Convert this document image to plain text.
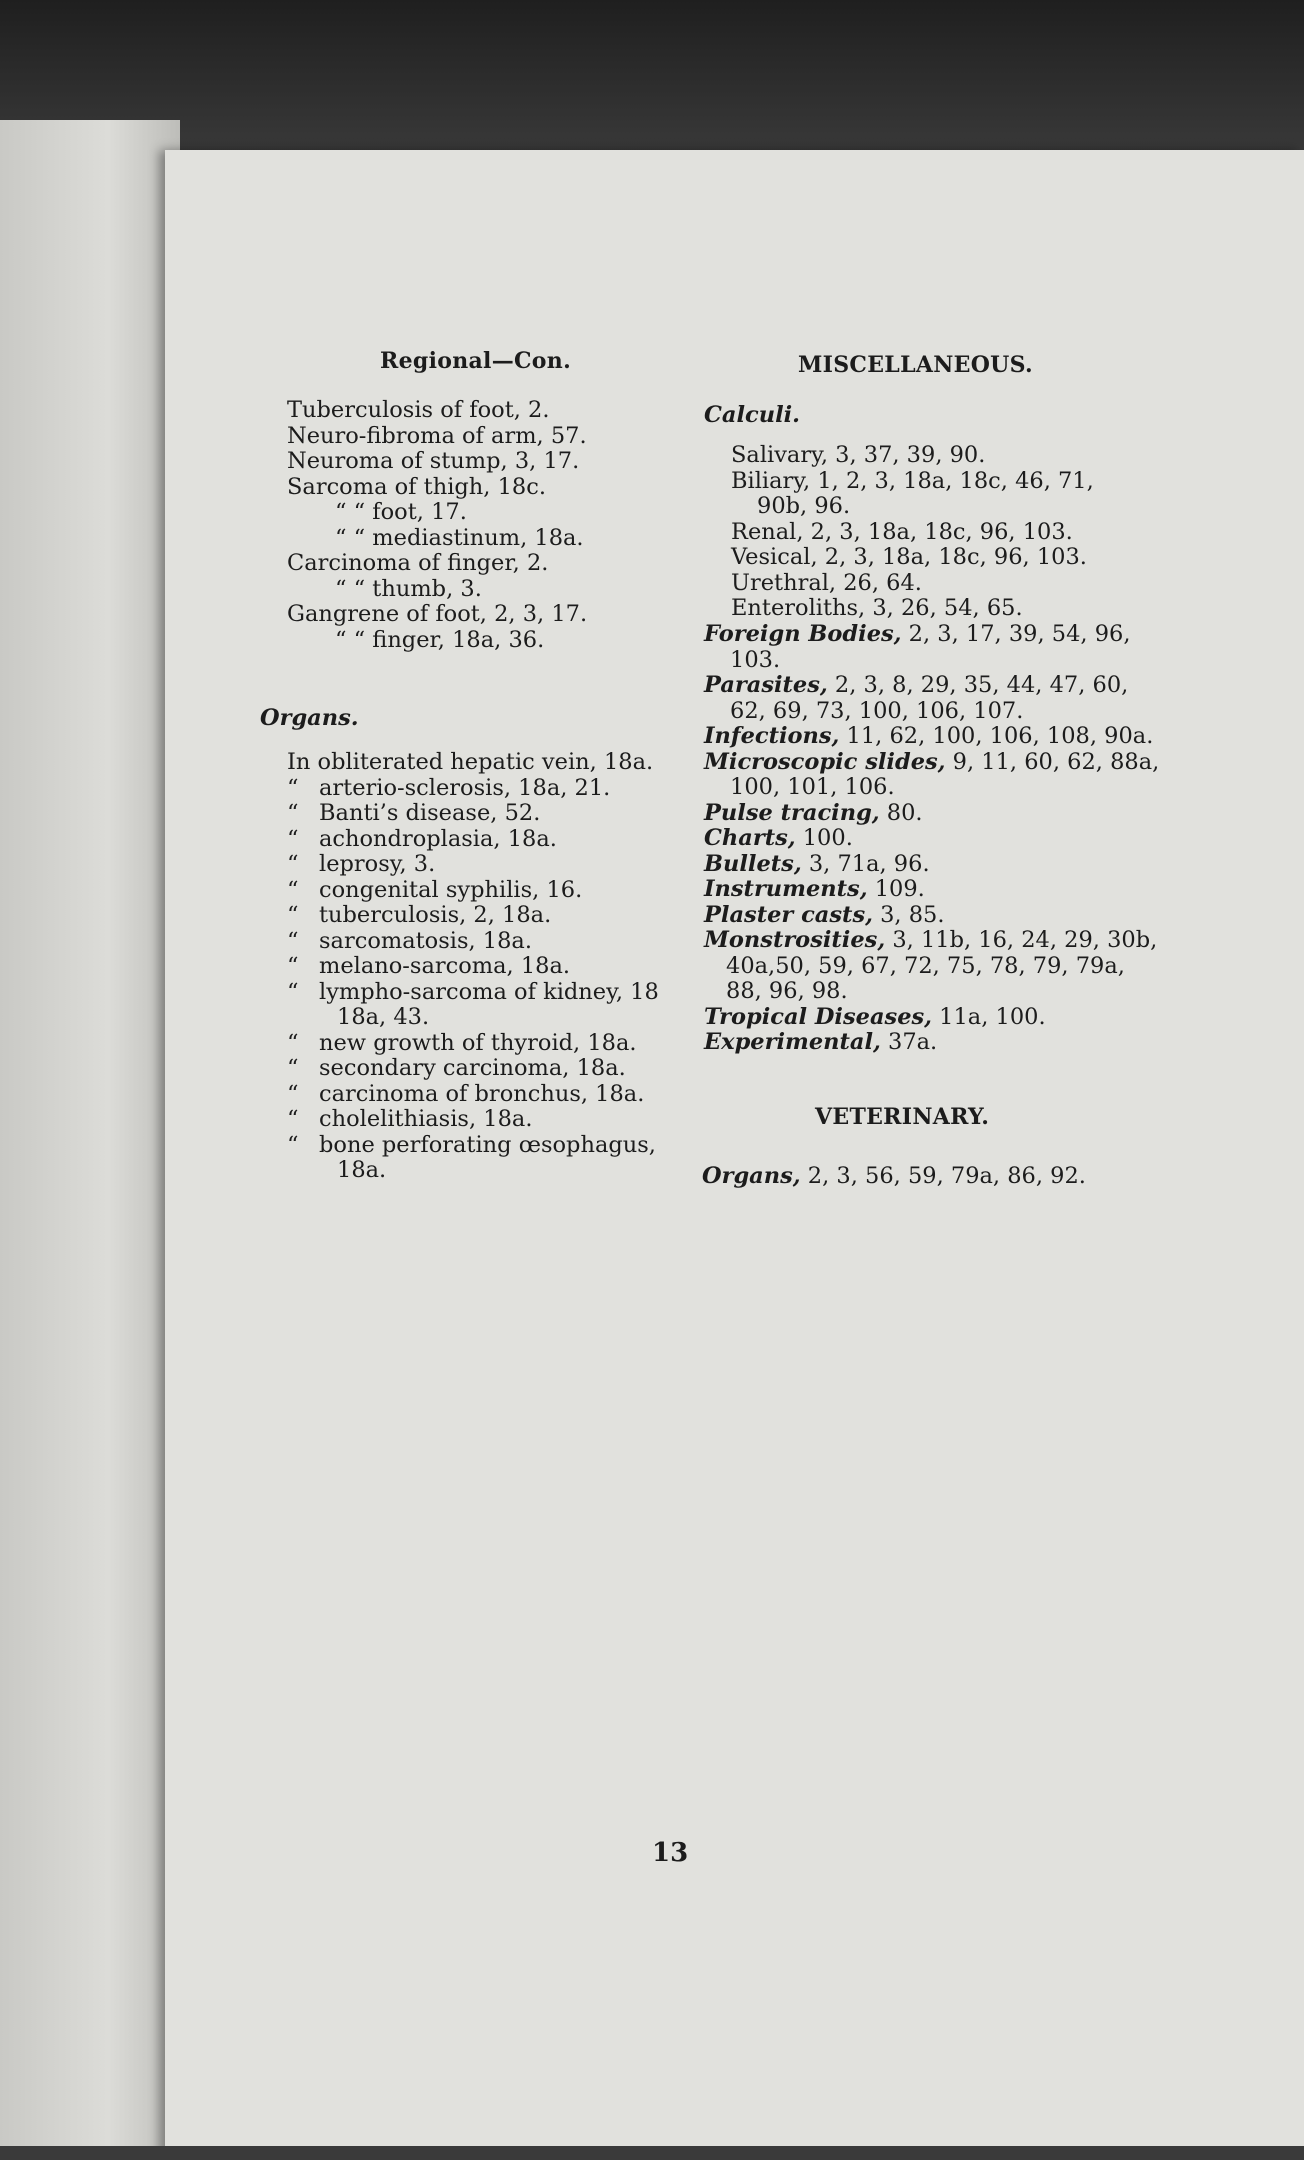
Regional—Con.
Tuberculosis of foot, 2.
Neuro-fibroma of arm, 57.
Neuroma of stump, 3, 17.
Sarcoma of thigh, 18c.
“ “ foot, 17.
“ “ mediastinum, 18a.
Carcinoma of finger, 2.
“ “ thumb, 3.
Gangrene of foot, 2, 3, 17.
“ “ finger, 18a, 36.
Organs.
In obliterated hepatic vein, 18a.
“ arterio-sclerosis, 18a, 21.
“ Banti’s disease, 52.
“ achondroplasia, 18a.
“ leprosy, 3.
“ congenital syphilis, 16.
“ tuberculosis, 2, 18a.
“ sarcomatosis, 18a.
“ melano-sarcoma, 18a.
“ lympho-sarcoma of kidney, 18
18a, 43.
“ new growth of thyroid, 18a.
“ secondary carcinoma, 18a.
“ carcinoma of bronchus, 18a.
“ cholelithiasis, 18a.
“ bone perforating œsophagus,
18a.
MISCELLANEOUS.
Calculi.
Salivary, 3, 37, 39, 90.
Biliary, 1, 2, 3, 18a, 18c, 46, 71,
90b, 96.
Renal, 2, 3, 18a, 18c, 96, 103.
Vesical, 2, 3, 18a, 18c, 96, 103.
Urethral, 26, 64.
Enteroliths, 3, 26, 54, 65.
Foreign Bodies, 2, 3, 17, 39, 54, 96,
103.
Parasites, 2, 3, 8, 29, 35, 44, 47, 60,
62, 69, 73, 100, 106, 107.
Infections, 11, 62, 100, 106, 108, 90a.
Microscopic slides, 9, 11, 60, 62, 88a,
100, 101, 106.
Pulse tracing, 80.
Charts, 100.
Bullets, 3, 71a, 96.
Instruments, 109.
Plaster casts, 3, 85.
Monstrosities, 3, 11b, 16, 24, 29, 30b,
40a,50, 59, 67, 72, 75, 78, 79, 79a,
88, 96, 98.
Tropical Diseases, 11a, 100.
Experimental, 37a.
VETERINARY.
Organs, 2, 3, 56, 59, 79a, 86, 92.
13
